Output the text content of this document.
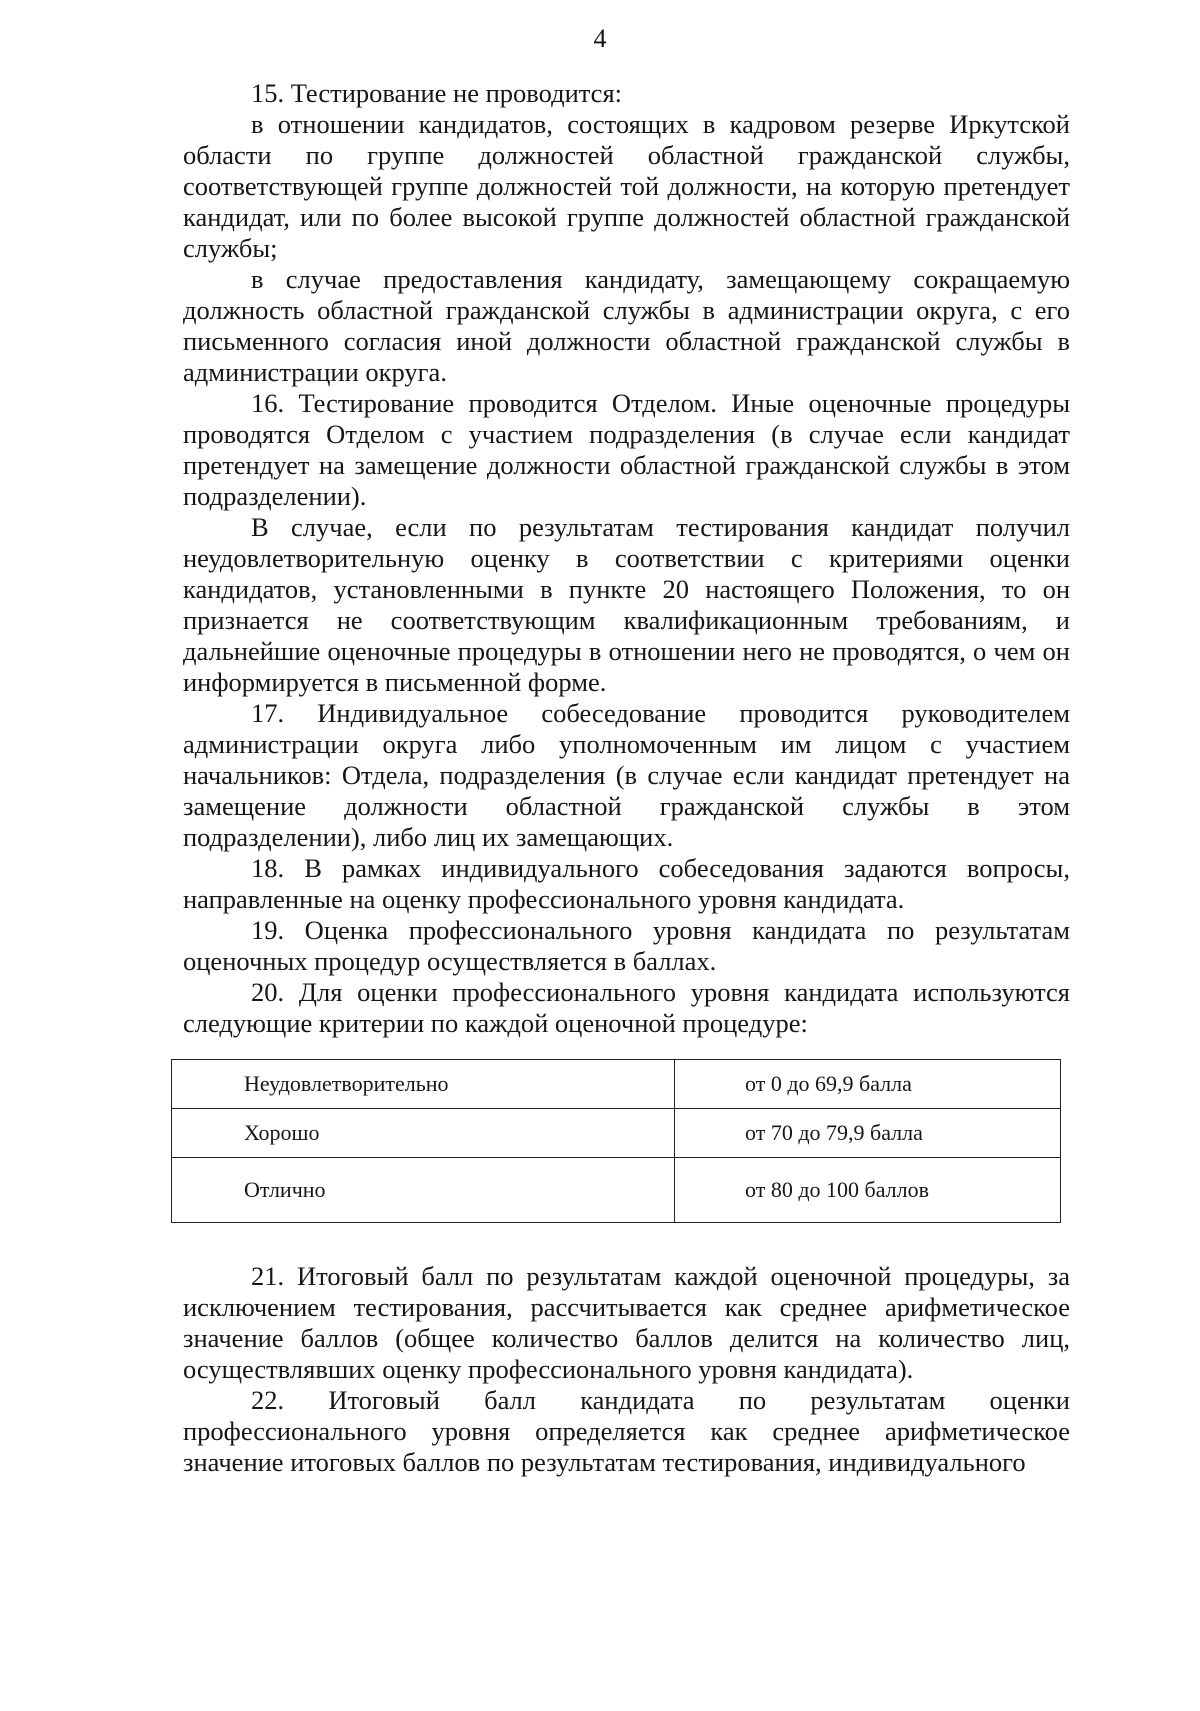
4

15. Тестирование не проводится:

в отношении кандидатов, состоящих в кадровом резерве Иркутской области по группе должностей областной гражданской службы, соответствующей группе должностей той должности, на которую претендует кандидат, или по более высокой группе должностей областной гражданской службы;

в случае предоставления кандидату, замещающему сокращаемую должность областной гражданской службы в администрации округа, с его письменного согласия иной должности областной гражданской службы в администрации округа.

16. Тестирование проводится Отделом. Иные оценочные процедуры проводятся Отделом с участием подразделения (в случае если кандидат претендует на замещение должности областной гражданской службы в этом подразделении).

В случае, если по результатам тестирования кандидат получил неудовлетворительную оценку в соответствии с критериями оценки кандидатов, установленными в пункте 20 настоящего Положения, то он признается не соответствующим квалификационным требованиям, и дальнейшие оценочные процедуры в отношении него не проводятся, о чем он информируется в письменной форме.

17. Индивидуальное собеседование проводится руководителем администрации округа либо уполномоченным им лицом с участием начальников: Отдела, подразделения (в случае если кандидат претендует на замещение должности областной гражданской службы в этом подразделении), либо лиц их замещающих.

18. В рамках индивидуального собеседования задаются вопросы, направленные на оценку профессионального уровня кандидата.

19. Оценка профессионального уровня кандидата по результатам оценочных процедур осуществляется в баллах.

20. Для оценки профессионального уровня кандидата используются следующие критерии по каждой оценочной процедуре:

Неудовлетворительно	от 0 до 69,9 балла
Хорошо	от 70 до 79,9 балла
Отлично	от 80 до 100 баллов

21. Итоговый балл по результатам каждой оценочной процедуры, за исключением тестирования, рассчитывается как среднее арифметическое значение баллов (общее количество баллов делится на количество лиц, осуществлявших оценку профессионального уровня кандидата).

22. Итоговый балл кандидата по результатам оценки профессионального уровня определяется как среднее арифметическое значение итоговых баллов по результатам тестирования, индивидуального
